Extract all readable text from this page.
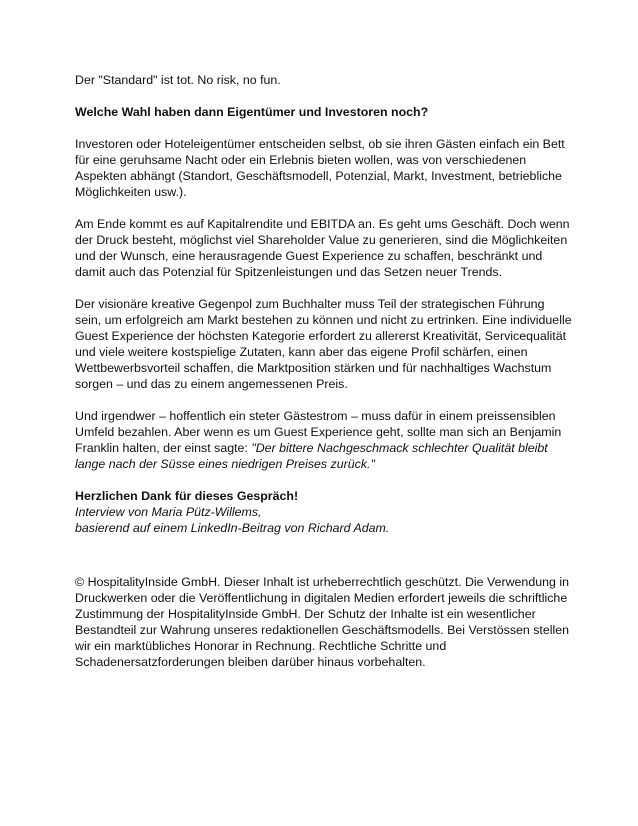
Der "Standard" ist tot. No risk, no fun.

Welche Wahl haben dann Eigentümer und Investoren noch?

Investoren oder Hoteleigentümer entscheiden selbst, ob sie ihren Gästen einfach ein Bett für eine geruhsame Nacht oder ein Erlebnis bieten wollen, was von verschiedenen Aspekten abhängt (Standort, Geschäftsmodell, Potenzial, Markt, Investment, betriebliche Möglichkeiten usw.).

Am Ende kommt es auf Kapitalrendite und EBITDA an. Es geht ums Geschäft. Doch wenn der Druck besteht, möglichst viel Shareholder Value zu generieren, sind die Möglichkeiten und der Wunsch, eine herausragende Guest Experience zu schaffen, beschränkt und damit auch das Potenzial für Spitzenleistungen und das Setzen neuer Trends.

Der visionäre kreative Gegenpol zum Buchhalter muss Teil der strategischen Führung sein, um erfolgreich am Markt bestehen zu können und nicht zu ertrinken. Eine individuelle Guest Experience der höchsten Kategorie erfordert zu allererst Kreativität, Servicequalität und viele weitere kostspielige Zutaten, kann aber das eigene Profil schärfen, einen Wettbewerbsvorteil schaffen, die Marktposition stärken und für nachhaltiges Wachstum sorgen – und das zu einem angemessenen Preis.

Und irgendwer – hoffentlich ein steter Gästestrom – muss dafür in einem preissensiblen Umfeld bezahlen. Aber wenn es um Guest Experience geht, sollte man sich an Benjamin Franklin halten, der einst sagte: "Der bittere Nachgeschmack schlechter Qualität bleibt lange nach der Süsse eines niedrigen Preises zurück."

Herzlichen Dank für dieses Gespräch!
Interview von Maria Pütz-Willems,
basierend auf einem LinkedIn-Beitrag von Richard Adam.

© HospitalityInside GmbH. Dieser Inhalt ist urheberrechtlich geschützt. Die Verwendung in Druckwerken oder die Veröffentlichung in digitalen Medien erfordert jeweils die schriftliche Zustimmung der HospitalityInside GmbH. Der Schutz der Inhalte ist ein wesentlicher Bestandteil zur Wahrung unseres redaktionellen Geschäftsmodells. Bei Verstössen stellen wir ein marktübliches Honorar in Rechnung. Rechtliche Schritte und Schadenersatzforderungen bleiben darüber hinaus vorbehalten.
